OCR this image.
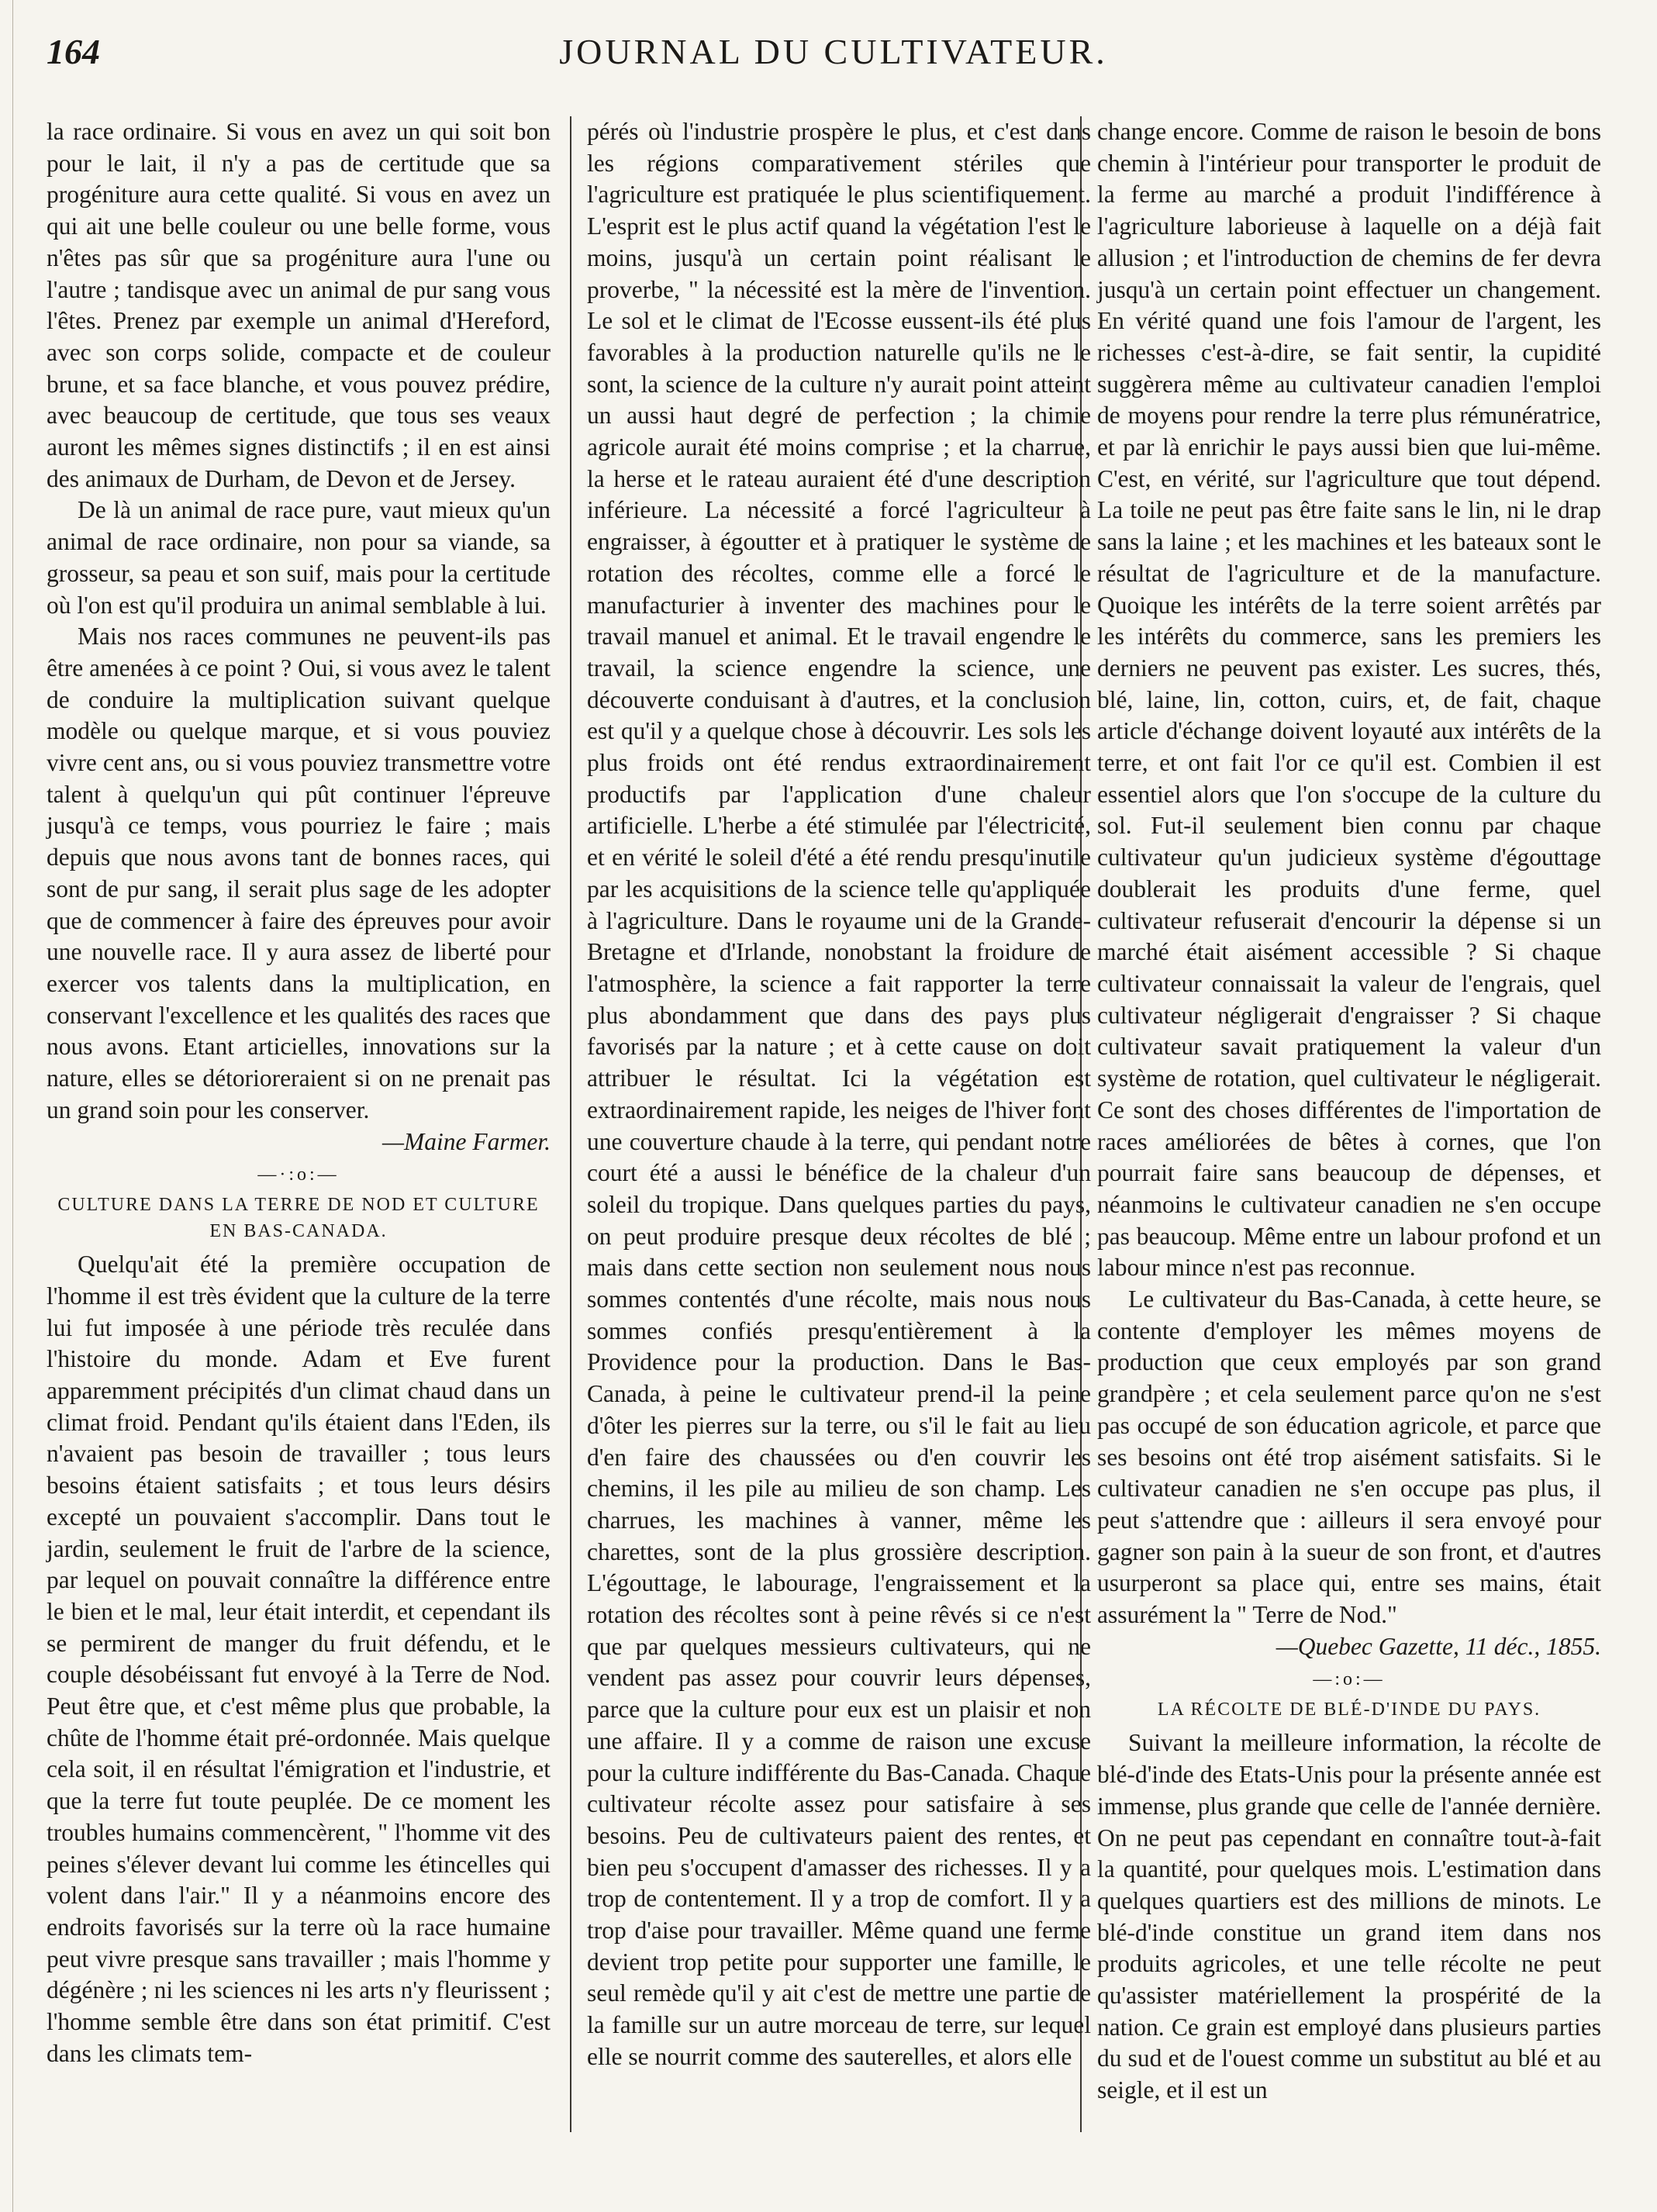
164	JOURNAL DU CULTIVATEUR.

la race ordinaire. Si vous en avez un qui soit bon pour le lait, il n'y a pas de certitude que sa progéniture aura cette qualité. Si vous en avez un qui ait une belle couleur ou une belle forme, vous n'êtes pas sûr que sa progéniture aura l'une ou l'autre ; tandisque avec un animal de pur sang vous l'êtes. Prenez par exemple un animal d'Hereford, avec son corps solide, compacte et de couleur brune, et sa face blanche, et vous pouvez prédire, avec beaucoup de certitude, que tous ses veaux auront les mêmes signes distinctifs ; il en est ainsi des animaux de Durham, de Devon et de Jersey.

De là un animal de race pure, vaut mieux qu'un animal de race ordinaire, non pour sa viande, sa grosseur, sa peau et son suif, mais pour la certitude où l'on est qu'il produira un animal semblable à lui.

Mais nos races communes ne peuvent-ils pas être amenées à ce point ? Oui, si vous avez le talent de conduire la multiplication suivant quelque modèle ou quelque marque, et si vous pouviez vivre cent ans, ou si vous pouviez transmettre votre talent à quelqu'un qui pût continuer l'épreuve jusqu'à ce temps, vous pourriez le faire ; mais depuis que nous avons tant de bonnes races, qui sont de pur sang, il serait plus sage de les adopter que de commencer à faire des épreuves pour avoir une nouvelle race. Il y aura assez de liberté pour exercer vos talents dans la multiplication, en conservant l'excellence et les qualités des races que nous avons. Etant articielles, innovations sur la nature, elles se détorioreraient si on ne prenait pas un grand soin pour les conserver.

—Maine Farmer.
—·:o:—
CULTURE DANS LA TERRE DE NOD ET CULTURE EN BAS-CANADA.

Quelqu'ait été la première occupation de l'homme il est très évident que la culture de la terre lui fut imposée à une période très reculée dans l'histoire du monde. Adam et Eve furent apparemment précipités d'un climat chaud dans un climat froid. Pendant qu'ils étaient dans l'Eden, ils n'avaient pas besoin de travailler ; tous leurs besoins étaient satisfaits ; et tous leurs désirs excepté un pouvaient s'accomplir. Dans tout le jardin, seulement le fruit de l'arbre de la science, par lequel on pouvait connaître la différence entre le bien et le mal, leur était interdit, et cependant ils se permirent de manger du fruit défendu, et le couple désobéissant fut envoyé à la Terre de Nod. Peut être que, et c'est même plus que probable, la chûte de l'homme était pré-ordonnée. Mais quelque cela soit, il en résultat l'émigration et l'industrie, et que la terre fut toute peuplée. De ce moment les troubles humains commencèrent, " l'homme vit des peines s'élever devant lui comme les étincelles qui volent dans l'air." Il y a néanmoins encore des endroits favorisés sur la terre où la race humaine peut vivre presque sans travailler ; mais l'homme y dégénère ; ni les sciences ni les arts n'y fleurissent ; l'homme semble être dans son état primitif. C'est dans les climats tem-

pérés où l'industrie prospère le plus, et c'est dans les régions comparativement stériles que l'agriculture est pratiquée le plus scientifiquement. L'esprit est le plus actif quand la végétation l'est le moins, jusqu'à un certain point réalisant le proverbe, " la nécessité est la mère de l'invention. Le sol et le climat de l'Ecosse eussent-ils été plus favorables à la production naturelle qu'ils ne le sont, la science de la culture n'y aurait point atteint un aussi haut degré de perfection ; la chimie agricole aurait été moins comprise ; et la charrue, la herse et le rateau auraient été d'une description inférieure. La nécessité a forcé l'agriculteur à engraisser, à égoutter et à pratiquer le système de rotation des récoltes, comme elle a forcé le manufacturier à inventer des machines pour le travail manuel et animal. Et le travail engendre le travail, la science engendre la science, une découverte conduisant à d'autres, et la conclusion est qu'il y a quelque chose à découvrir. Les sols les plus froids ont été rendus extraordinairement productifs par l'application d'une chaleur artificielle. L'herbe a été stimulée par l'électricité, et en vérité le soleil d'été a été rendu presqu'inutile par les acquisitions de la science telle qu'appliquée à l'agriculture. Dans le royaume uni de la Grande-Bretagne et d'Irlande, nonobstant la froidure de l'atmosphère, la science a fait rapporter la terre plus abondamment que dans des pays plus favorisés par la nature ; et à cette cause on doit attribuer le résultat. Ici la végétation est extraordinairement rapide, les neiges de l'hiver font une couverture chaude à la terre, qui pendant notre court été a aussi le bénéfice de la chaleur d'un soleil du tropique. Dans quelques parties du pays, on peut produire presque deux récoltes de blé ; mais dans cette section non seulement nous nous sommes contentés d'une récolte, mais nous nous sommes confiés presqu'entièrement à la Providence pour la production. Dans le Bas-Canada, à peine le cultivateur prend-il la peine d'ôter les pierres sur la terre, ou s'il le fait au lieu d'en faire des chaussées ou d'en couvrir les chemins, il les pile au milieu de son champ. Les charrues, les machines à vanner, même les charettes, sont de la plus grossière description. L'égouttage, le labourage, l'engraissement et la rotation des récoltes sont à peine rêvés si ce n'est que par quelques messieurs cultivateurs, qui ne vendent pas assez pour couvrir leurs dépenses, parce que la culture pour eux est un plaisir et non une affaire. Il y a comme de raison une excuse pour la culture indifférente du Bas-Canada. Chaque cultivateur récolte assez pour satisfaire à ses besoins. Peu de cultivateurs paient des rentes, et bien peu s'occupent d'amasser des richesses. Il y a trop de contentement. Il y a trop de comfort. Il y a trop d'aise pour travailler. Même quand une ferme devient trop petite pour supporter une famille, le seul remède qu'il y ait c'est de mettre une partie de la famille sur un autre morceau de terre, sur lequel elle se nourrit comme des sauterelles, et alors elle

change encore. Comme de raison le besoin de bons chemin à l'intérieur pour transporter le produit de la ferme au marché a produit l'indifférence à l'agriculture laborieuse à laquelle on a déjà fait allusion ; et l'introduction de chemins de fer devra jusqu'à un certain point effectuer un changement. En vérité quand une fois l'amour de l'argent, les richesses c'est-à-dire, se fait sentir, la cupidité suggèrera même au cultivateur canadien l'emploi de moyens pour rendre la terre plus rémunératrice, et par là enrichir le pays aussi bien que lui-même. C'est, en vérité, sur l'agriculture que tout dépend. La toile ne peut pas être faite sans le lin, ni le drap sans la laine ; et les machines et les bateaux sont le résultat de l'agriculture et de la manufacture. Quoique les intérêts de la terre soient arrêtés par les intérêts du commerce, sans les premiers les derniers ne peuvent pas exister. Les sucres, thés, blé, laine, lin, cotton, cuirs, et, de fait, chaque article d'échange doivent loyauté aux intérêts de la terre, et ont fait l'or ce qu'il est. Combien il est essentiel alors que l'on s'occupe de la culture du sol. Fut-il seulement bien connu par chaque cultivateur qu'un judicieux système d'égouttage doublerait les produits d'une ferme, quel cultivateur refuserait d'encourir la dépense si un marché était aisément accessible ? Si chaque cultivateur connaissait la valeur de l'engrais, quel cultivateur négligerait d'engraisser ? Si chaque cultivateur savait pratiquement la valeur d'un système de rotation, quel cultivateur le négligerait. Ce sont des choses différentes de l'importation de races améliorées de bêtes à cornes, que l'on pourrait faire sans beaucoup de dépenses, et néanmoins le cultivateur canadien ne s'en occupe pas beaucoup. Même entre un labour profond et un labour mince n'est pas reconnue.

Le cultivateur du Bas-Canada, à cette heure, se contente d'employer les mêmes moyens de production que ceux employés par son grand grandpère ; et cela seulement parce qu'on ne s'est pas occupé de son éducation agricole, et parce que ses besoins ont été trop aisément satisfaits. Si le cultivateur canadien ne s'en occupe pas plus, il peut s'attendre que : ailleurs il sera envoyé pour gagner son pain à la sueur de son front, et d'autres usurperont sa place qui, entre ses mains, était assurément la " Terre de Nod."

—Quebec Gazette, 11 déc., 1855.
—:o:—
LA RÉCOLTE DE BLÉ-D'INDE DU PAYS.

Suivant la meilleure information, la récolte de blé-d'inde des Etats-Unis pour la présente année est immense, plus grande que celle de l'année dernière. On ne peut pas cependant en connaître tout-à-fait la quantité, pour quelques mois. L'estimation dans quelques quartiers est des millions de minots. Le blé-d'inde constitue un grand item dans nos produits agricoles, et une telle récolte ne peut qu'assister matériellement la prospérité de la nation. Ce grain est employé dans plusieurs parties du sud et de l'ouest comme un substitut au blé et au seigle, et il est un
